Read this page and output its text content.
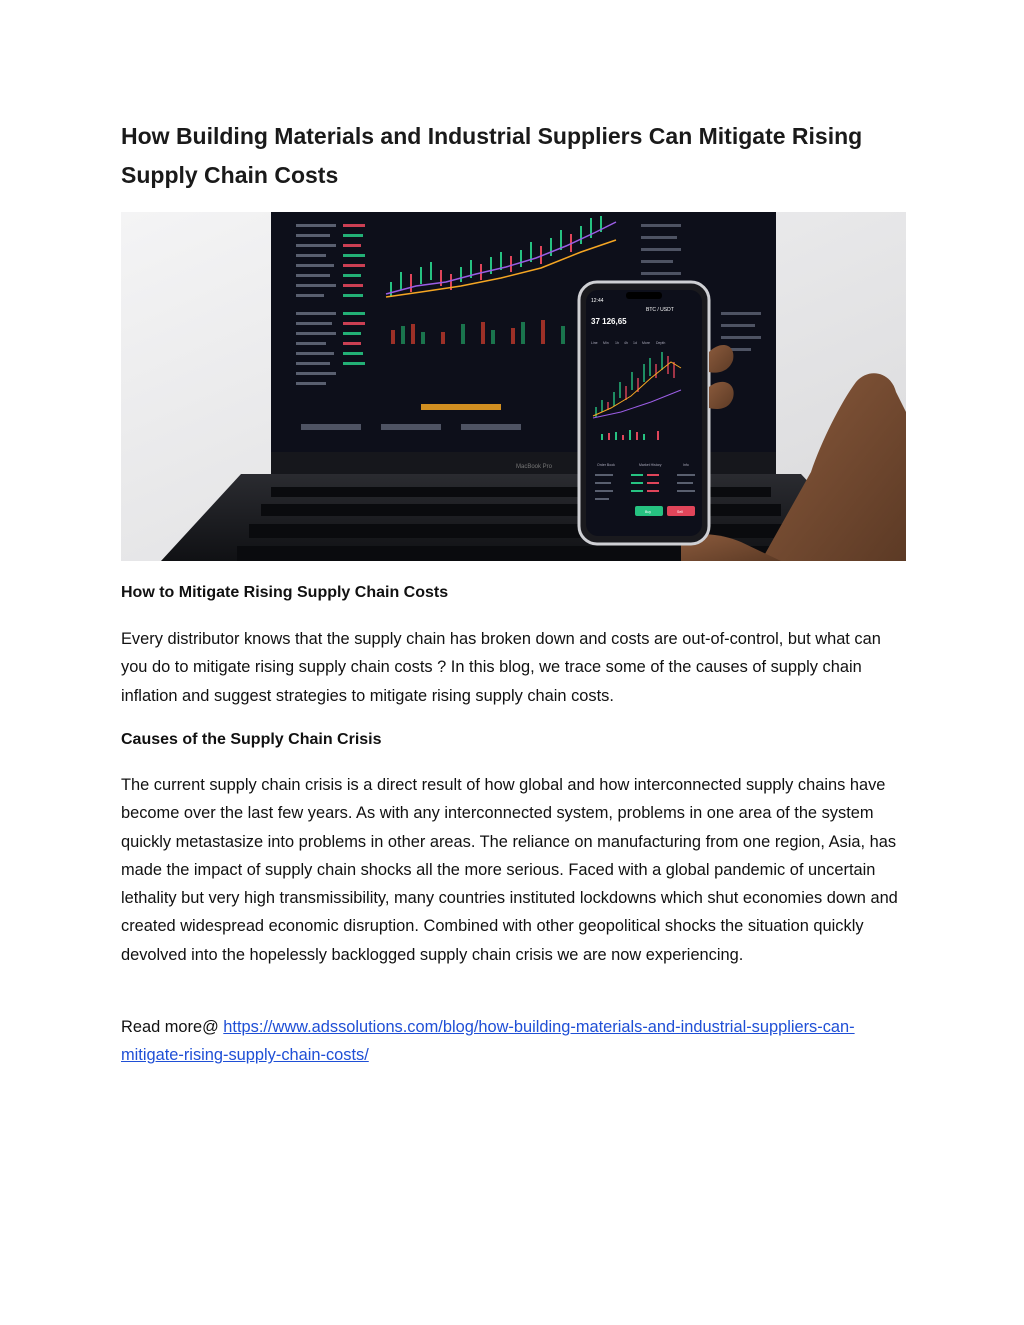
How Building Materials and Industrial Suppliers Can Mitigate Rising Supply Chain Costs
MacBook Pro
12:44
BTC / USDT
37 126,65
Line Min 1h 4h 1d More Depth
Order Book	Market History	Info
Buy	Sell
How to Mitigate Rising Supply Chain Costs

Every distributor knows that the supply chain has broken down and costs are out-of-control, but what can you do to mitigate rising supply chain costs ? In this blog, we trace some of the causes of supply chain inflation and suggest strategies to mitigate rising supply chain costs.

Causes of the Supply Chain Crisis

The current supply chain crisis is a direct result of how global and how interconnected supply chains have become over the last few years. As with any interconnected system, problems in one area of the system quickly metastasize into problems in other areas. The reliance on manufacturing from one region, Asia, has made the impact of supply chain shocks all the more serious. Faced with a global pandemic of uncertain lethality but very high transmissibility, many countries instituted lockdowns which shut economies down and created widespread economic disruption. Combined with other geopolitical shocks the situation quickly devolved into the hopelessly backlogged supply chain crisis we are now experiencing.

Read more@ https://www.adssolutions.com/blog/how-building-materials-and-industrial-suppliers-can-mitigate-rising-supply-chain-costs/
